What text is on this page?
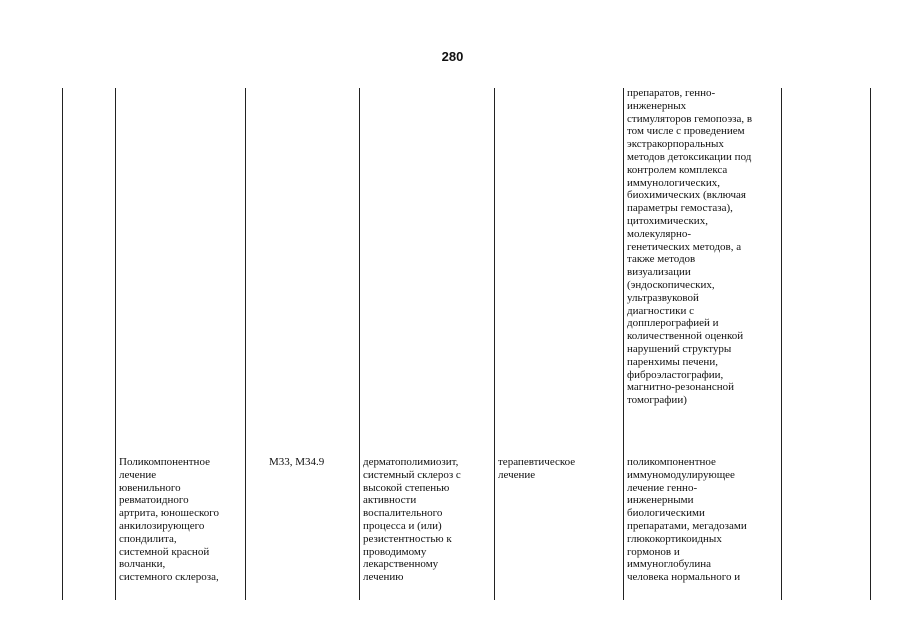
280
препаратов, генно-
инженерных
стимуляторов гемопоэза, в
том числе с проведением
экстракорпоральных
методов детоксикации под
контролем комплекса
иммунологических,
биохимических (включая
параметры гемостаза),
цитохимических,
молекулярно-
генетических методов, а
также методов
визуализации
(эндоскопических,
ультразвуковой
диагностики с
допплерографией и
количественной оценкой
нарушений структуры
паренхимы печени,
фиброэластографии,
магнитно-резонансной
томографии)
Поликомпонентное
лечение
ювенильного
ревматоидного
артрита, юношеского
анкилозирующего
спондилита,
системной красной
волчанки,
системного склероза,
M33, M34.9	дерматополимиозит,
системный склероз с
высокой степенью
активности
воспалительного
процесса и (или)
резистентностью к
проводимому
лекарственному
лечению
терапевтическое
лечение
поликомпонентное
иммуномодулирующее
лечение генно-
инженерными
биологическими
препаратами, мегадозами
глюкокортикоидных
гормонов и
иммуноглобулина
человека нормального и
